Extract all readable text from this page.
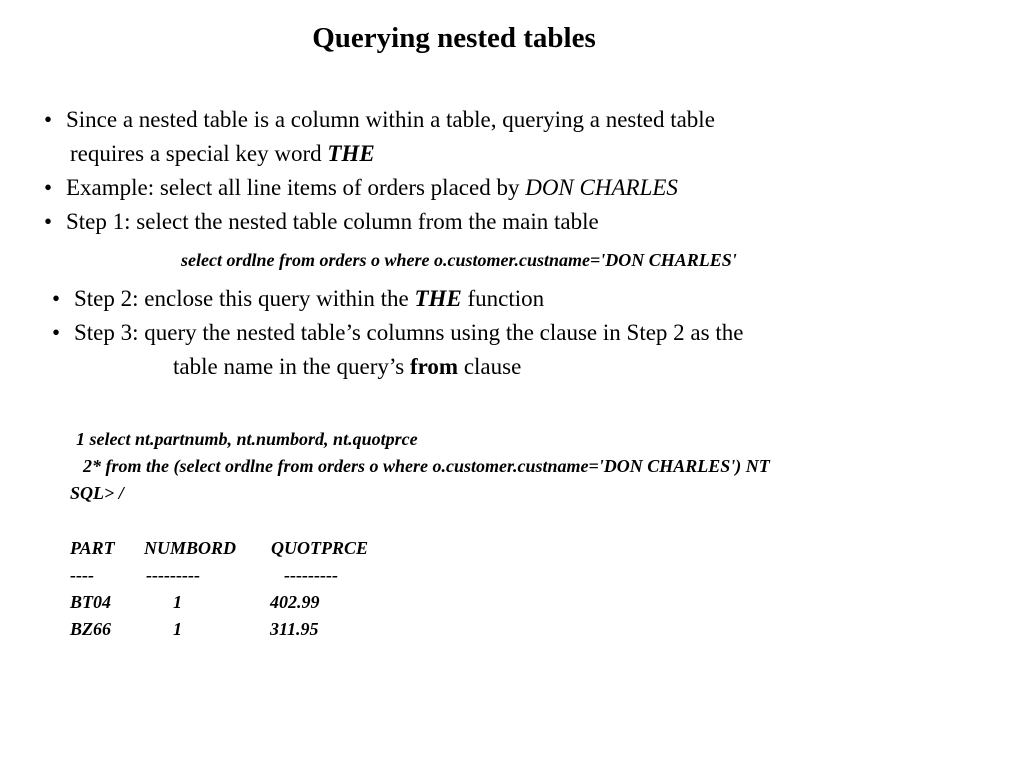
Querying nested tables
• Since a nested table is a column within a table, querying a nested table
requires a special key word THE
• Example: select all line items of orders placed by DON CHARLES
• Step 1: select the nested table column from the main table
select ordlne from orders o where o.customer.custname='DON CHARLES'
• Step 2: enclose this query within the THE function
• Step 3: query the nested table’s columns using the clause in Step 2 as the
table name in the query’s from clause
1 select nt.partnumb, nt.numbord, nt.quotprce
2* from the (select ordlne from orders o where o.customer.custname='DON CHARLES') NT
SQL> /
PART NUMBORD QUOTPRCE
----	---------	---------
BT04	1	402.99
BZ66	1	311.95
